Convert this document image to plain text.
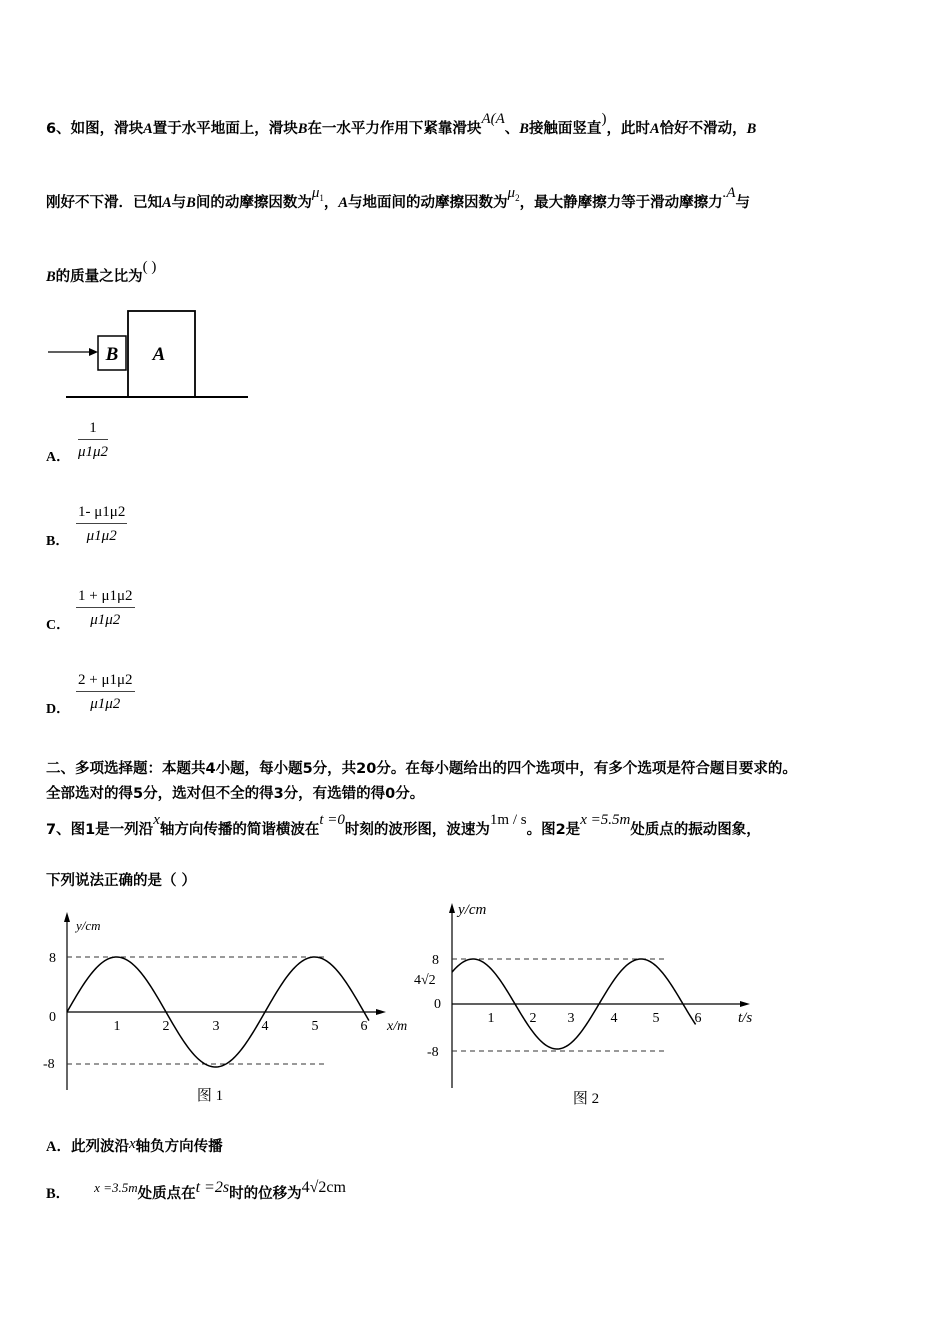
6、如图，滑块A置于水平地面上，滑块B在一水平力作用下紧靠滑块A(A、B接触面竖直)，此时A恰好不滑动，B
刚好不下滑．已知A与B间的动摩擦因数为$\mu_1$，A与地面间的动摩擦因数为$\mu_2$，最大静摩擦力等于滑动摩擦力.A与
B的质量之比为( )
B A
A． $\frac{1}{\mu 1\mu 2}$
B． $\frac{1- \mu 1\mu 2}{\mu 1\mu 2}$
C． $\frac{1 + \mu 1\mu 2}{\mu 1\mu 2}$
D． $\frac{2 + \mu 1\mu 2}{\mu 1\mu 2}$
二、多项选择题：本题共4小题，每小题5分，共20分。在每小题给出的四个选项中，有多个选项是符合题目要求的。
全部选对的得5分，选对但不全的得3分，有选错的得0分。
7、图1是一列沿x轴方向传播的简谐横波在t =0时刻的波形图，波速为1m / s。图2是x =5.5m处质点的振动图象，
下列说法正确的是（ ）
y/cm
8
0
-8
1	2	3	4	5	6 x/m
图 1
y/cm
8
4√2
0
-8
1	2 3	4	5	6 t/s
图 2
A．此列波沿x轴负方向传播
B． x =3.5m处质点在t =2s时的位移为4√2cm
